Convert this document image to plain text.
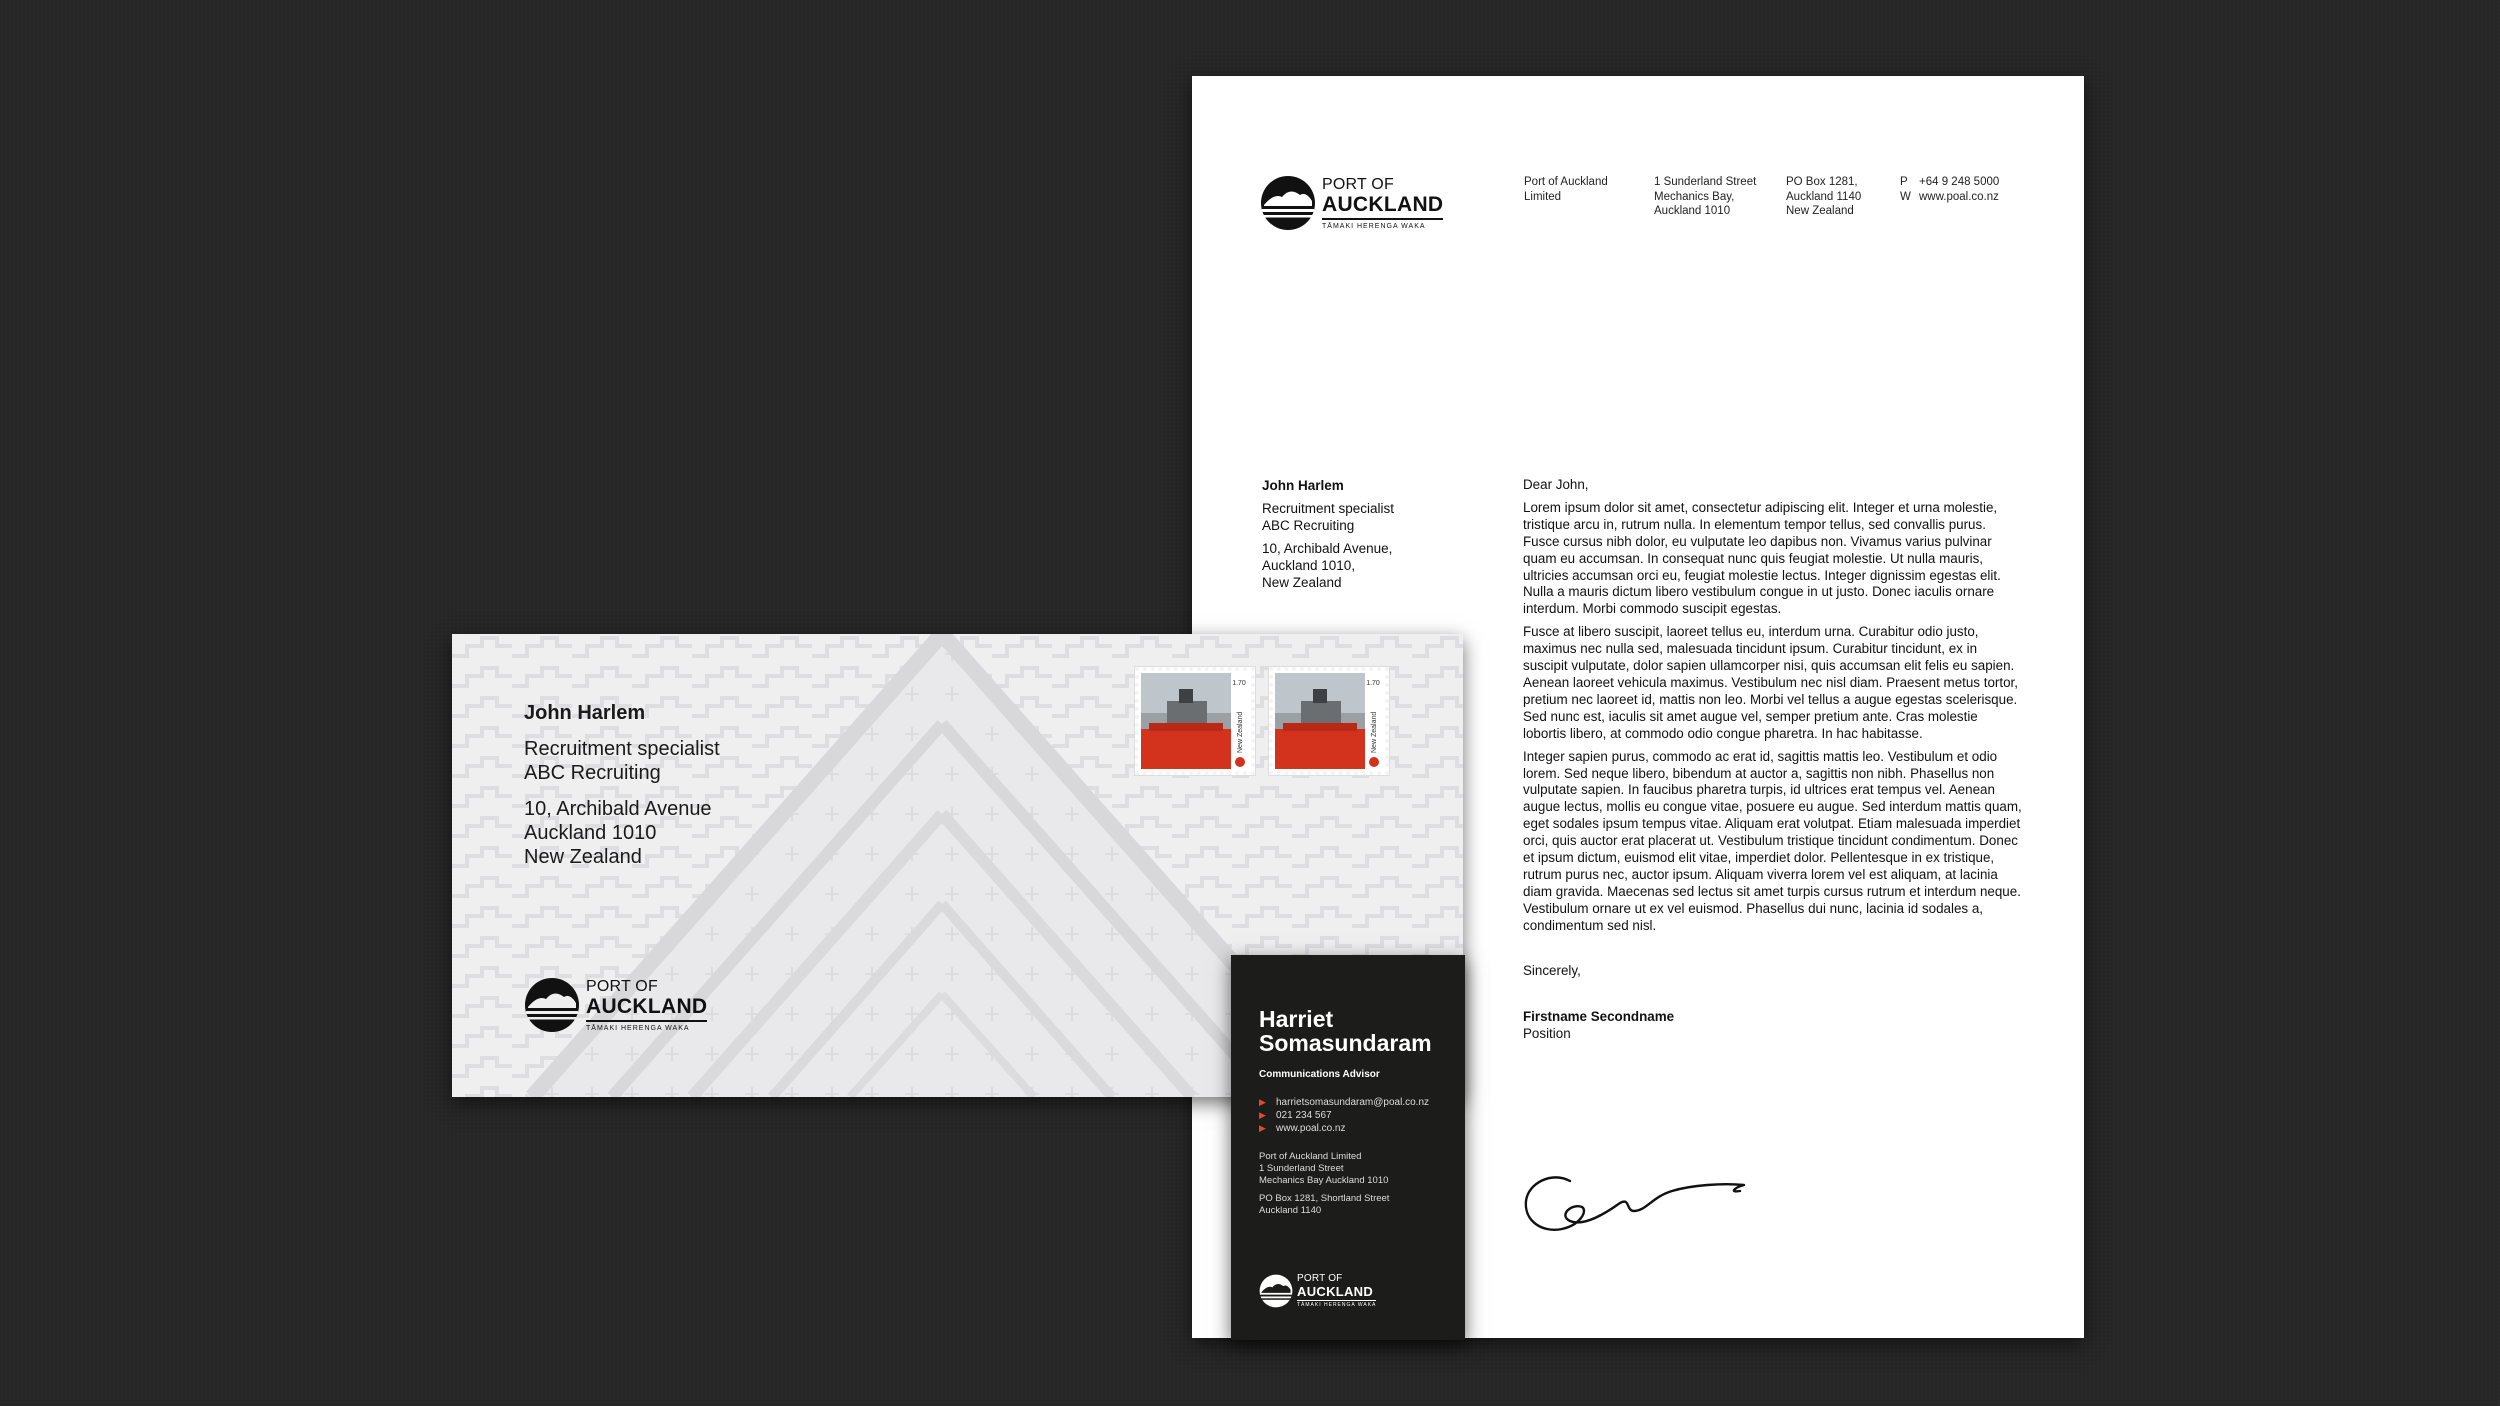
PORT OF
AUCKLAND
TĀMAKI HERENGA WAKA
Port of Auckland
Limited
1 Sunderland Street
Mechanics Bay,
Auckland 1010
PO Box 1281,
Auckland 1140
New Zealand
P +64 9 248 5000
W www.poal.co.nz
John Harlem
Recruitment specialist
ABC Recruiting
10, Archibald Avenue,
Auckland 1010,
New Zealand

Dear John,

Lorem ipsum dolor sit amet, consectetur adipiscing elit. Integer et urna molestie, tristique arcu in, rutrum nulla. In elementum tempor tellus, sed convallis purus. Fusce cursus nibh dolor, eu vulputate leo dapibus non. Vivamus varius pulvinar quam eu accumsan. In consequat nunc quis feugiat molestie. Ut nulla mauris, ultricies accumsan orci eu, feugiat molestie lectus. Integer dignissim egestas elit. Nulla a mauris dictum libero vestibulum congue in ut justo. Donec iaculis ornare interdum. Morbi commodo suscipit egestas.

Fusce at libero suscipit, laoreet tellus eu, interdum urna. Curabitur odio justo, maximus nec nulla sed, malesuada tincidunt ipsum. Curabitur tincidunt, ex in suscipit vulputate, dolor sapien ullamcorper nisi, quis accumsan elit felis eu sapien. Aenean laoreet vehicula maximus. Vestibulum nec nisl diam. Praesent metus tortor, pretium nec laoreet id, mattis non leo. Morbi vel tellus a augue egestas scelerisque. Sed nunc est, iaculis sit amet augue vel, semper pretium ante. Cras molestie lobortis libero, at commodo odio congue pharetra. In hac habitasse.

Integer sapien purus, commodo ac erat id, sagittis mattis leo. Vestibulum et odio lorem. Sed neque libero, bibendum at auctor a, sagittis non nibh. Phasellus non vulputate sapien. In faucibus pharetra turpis, id ultrices erat tempus vel. Aenean augue lectus, mollis eu congue vitae, posuere eu augue. Sed interdum mattis quam, eget sodales ipsum tempus vitae. Aliquam erat volutpat. Etiam malesuada imperdiet orci, quis auctor erat placerat ut. Vestibulum tristique tincidunt condimentum. Donec et ipsum dictum, euismod elit vitae, imperdiet dolor. Pellentesque in ex tristique, rutrum purus nec, auctor ipsum. Aliquam viverra lorem vel est aliquam, at lacinia diam gravida. Maecenas sed lectus sit amet turpis cursus rutrum et interdum neque. Vestibulum ornare ut ex vel euismod. Phasellus dui nunc, lacinia id sodales a, condimentum sed nisl.

Sincerely,

Firstname Secondname
Position
John Harlem
Recruitment specialist
ABC Recruiting
10, Archibald Avenue
Auckland 1010
New Zealand
1.70
New Zealand
1.70
New Zealand
PORT OF
AUCKLAND
TĀMAKI HERENGA WAKA	Harriet
Somasundaram
Communications Advisor
▶	harrietsomasundaram@poal.co.nz
▶	021 234 567
▶	www.poal.co.nz
Port of Auckland Limited
1 Sunderland Street
Mechanics Bay Auckland 1010
PO Box 1281, Shortland Street
Auckland 1140
PORT OF
AUCKLAND
TĀMAKI HERENGA WAKA
